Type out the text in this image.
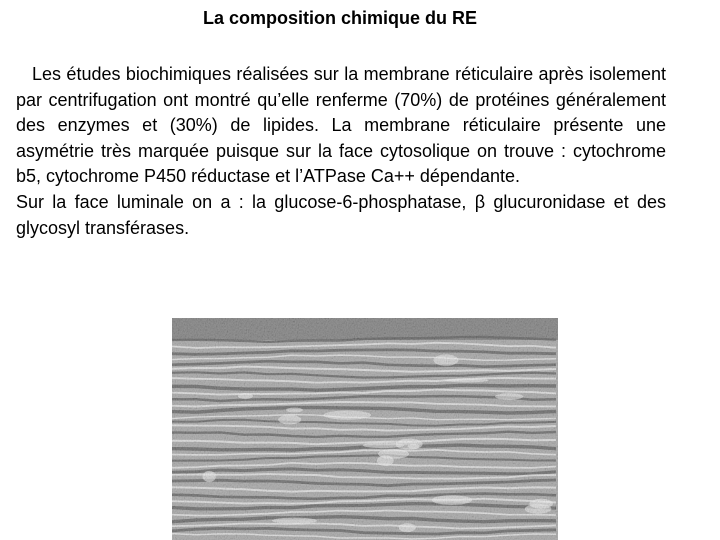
La composition chimique du RE

Les études biochimiques réalisées sur la membrane réticulaire après isolement par centrifugation ont montré qu’elle renferme (70%) de protéines généralement des enzymes et (30%) de lipides. La membrane réticulaire présente une asymétrie très marquée puisque sur la face cytosolique on trouve : cytochrome b5, cytochrome P450 réductase et l’ATPase Ca++ dépendante.

Sur la face luminale on a : la glucose-6-phosphatase, β glucuronidase et des glycosyl transférases.
